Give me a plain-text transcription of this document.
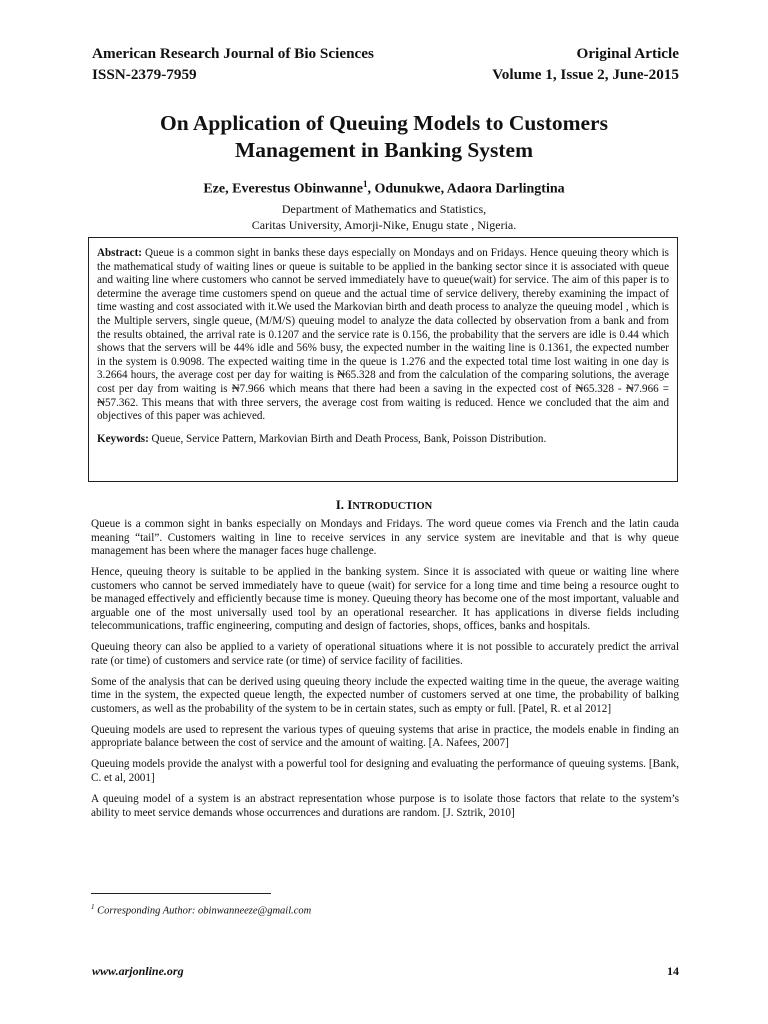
American Research Journal of Bio Sciences	Original Article
ISSN-2379-7959	Volume 1, Issue 2, June-2015
On Application of Queuing Models to Customers
Management in Banking System
Eze, Everestus Obinwanne$^1$, Odunukwe, Adaora Darlingtina
Department of Mathematics and Statistics,
Caritas University, Amorji-Nike, Enugu state , Nigeria.

Abstract: Queue is a common sight in banks these days especially on Mondays and on Fridays. Hence queuing theory which is the mathematical study of waiting lines or queue is suitable to be applied in the banking sector since it is associated with queue and waiting line where customers who cannot be served immediately have to queue(wait) for service. The aim of this paper is to determine the average time customers spend on queue and the actual time of service delivery, thereby examining the impact of time wasting and cost associated with it.We used the Markovian birth and death process to analyze the queuing model , which is the Multiple servers, single queue, (M/M/S) queuing model to analyze the data collected by observation from a bank and from the results obtained, the arrival rate is 0.1207 and the service rate is 0.156, the probability that the servers are idle is 0.44 which shows that the servers will be 44% idle and 56% busy, the expected number in the waiting line is 0.1361, the expected number in the system is 0.9098. The expected waiting time in the queue is 1.276 and the expected total time lost waiting in one day is 3.2664 hours, the average cost per day for waiting is ₦65.328 and from the calculation of the comparing solutions, the average cost per day from waiting is ₦7.966 which means that there had been a saving in the expected cost of ₦65.328 - ₦7.966 = ₦57.362. This means that with three servers, the average cost from waiting is reduced. Hence we concluded that the aim and objectives of this paper was achieved.

Keywords: Queue, Service Pattern, Markovian Birth and Death Process, Bank, Poisson Distribution.

I. INTRODUCTION

Queue is a common sight in banks especially on Mondays and Fridays. The word queue comes via French and the latin cauda meaning “tail”. Customers waiting in line to receive services in any service system are inevitable and that is why queue management has been where the manager faces huge challenge.

Hence, queuing theory is suitable to be applied in the banking system. Since it is associated with queue or waiting line where customers who cannot be served immediately have to queue (wait) for service for a long time and time being a resource ought to be managed effectively and efficiently because time is money. Queuing theory has become one of the most important, valuable and arguable one of the most universally used tool by an operational researcher. It has applications in diverse fields including telecommunications, traffic engineering, computing and design of factories, shops, offices, banks and hospitals.

Queuing theory can also be applied to a variety of operational situations where it is not possible to accurately predict the arrival rate (or time) of customers and service rate (or time) of service facility of facilities.

Some of the analysis that can be derived using queuing theory include the expected waiting time in the queue, the average waiting time in the system, the expected queue length, the expected number of customers served at one time, the probability of balking customers, as well as the probability of the system to be in certain states, such as empty or full. [Patel, R. et al 2012]

Queuing models are used to represent the various types of queuing systems that arise in practice, the models enable in finding an appropriate balance between the cost of service and the amount of waiting. [A. Nafees, 2007]

Queuing models provide the analyst with a powerful tool for designing and evaluating the performance of queuing systems. [Bank, C. et al, 2001]

A queuing model of a system is an abstract representation whose purpose is to isolate those factors that relate to the system’s ability to meet service demands whose occurrences and durations are random. [J. Sztrik, 2010]

$^1$ Corresponding Author: obinwanneeze@gmail.com
www.arjonline.org	14
